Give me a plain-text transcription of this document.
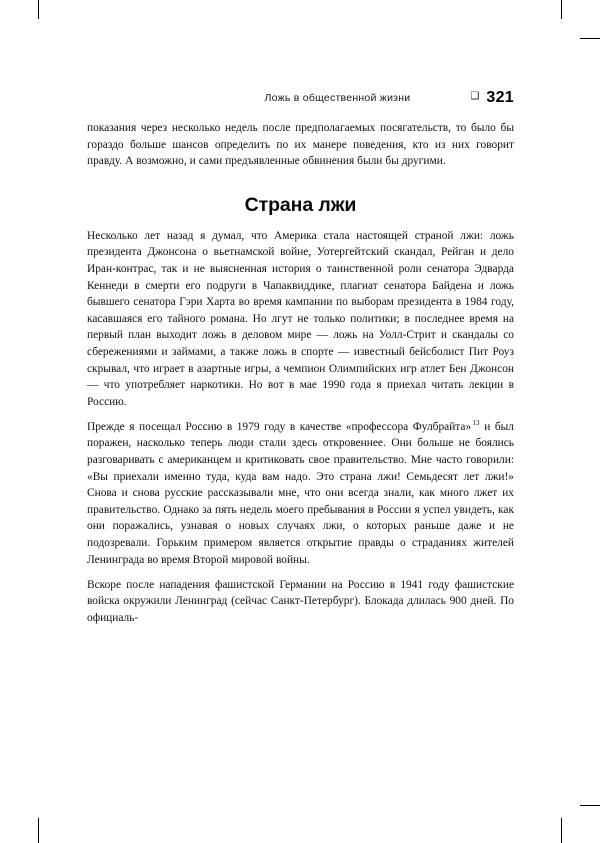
Ложь в общественной жизни	❑ 321

показания через несколько недель после предполагаемых посягательств, то было бы гораздо больше шансов определить по их манере поведения, кто из них говорит правду. А возможно, и сами предъявленные обвинения были бы другими.

Страна лжи

Несколько лет назад я думал, что Америка стала настоящей страной лжи: ложь президента Джонсона о вьетнамской войне, Уотергейтский скандал, Рейган и дело Иран-контрас, так и не выясненная история о таинственной роли сенатора Эдварда Кеннеди в смерти его подруги в Чапаквиддике, плагиат сенатора Байдена и ложь бывшего сенатора Гэри Харта во время кампании по выборам президента в 1984 году, касавшаяся его тайного романа. Но лгут не только политики; в последнее время на первый план выходит ложь в деловом мире — ложь на Уолл-Стрит и скандалы со сбережениями и займами, а также ложь в спорте — известный бейсболист Пит Роуз скрывал, что играет в азартные игры, а чемпион Олимпийских игр атлет Бен Джонсон — что употребляет наркотики. Но вот в мае 1990 года я приехал читать лекции в Россию.

Прежде я посещал Россию в 1979 году в качестве «профессора Фулбрайта» $^{13}$ и был поражен, насколько теперь люди стали здесь откровеннее. Они больше не боялись разговаривать с американцем и критиковать свое правительство. Мне часто говорили: «Вы приехали именно туда, куда вам надо. Это страна лжи! Семьдесят лет лжи!» Снова и снова русские рассказывали мне, что они всегда знали, как много лжет их правительство. Однако за пять недель моего пребывания в России я успел увидеть, как они поражались, узнавая о новых случаях лжи, о которых раньше даже и не подозревали. Горьким примером является открытие правды о страданиях жителей Ленинграда во время Второй мировой войны.

Вскоре после нападения фашистской Германии на Россию в 1941 году фашистские войска окружили Ленинград (сейчас Санкт-Петербург). Блокада длилась 900 дней. По официаль-
